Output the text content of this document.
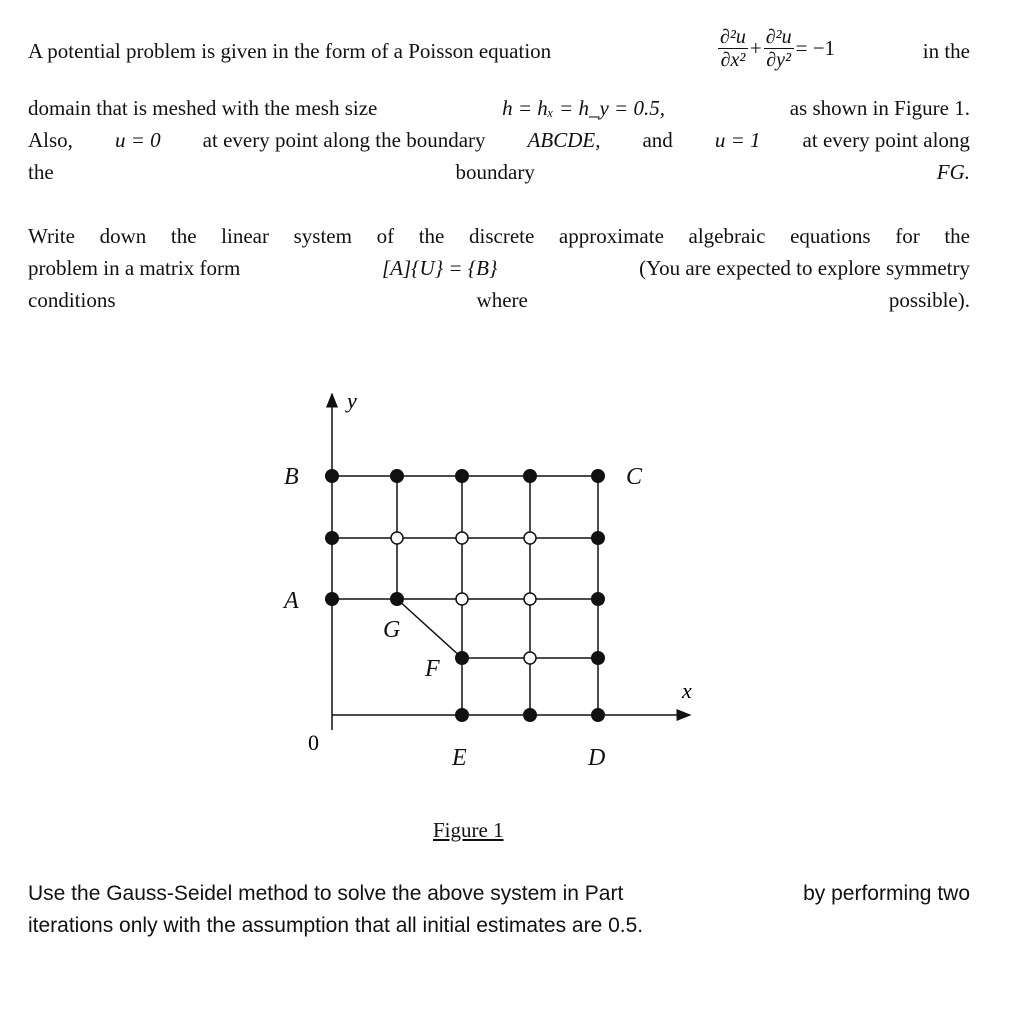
A potential problem is given in the form of a Poisson equation	$\frac{\text{∂²u}}{\text{∂x²}} + \frac{\text{∂²u}}{\text{∂y²}} = -1$	in the
domain that is meshed with the mesh size	h = hₓ = h_y = 0.5,	as shown in Figure 1.
Also, u = 0 at every point along the boundary ABCDE, and u = 1 at every point along
the boundary	FG.
Write down the linear system of the discrete approximate algebraic equations for the
problem in a matrix form	[A]{U} = {B}	(You are expected to explore symmetry
conditions where possible).
y
x
0
B	C
A
G
F
E	D
Figure 1
Use the Gauss-Seidel method to solve the above system in Part	by performing two
iterations only with the assumption that all initial estimates are 0.5.
